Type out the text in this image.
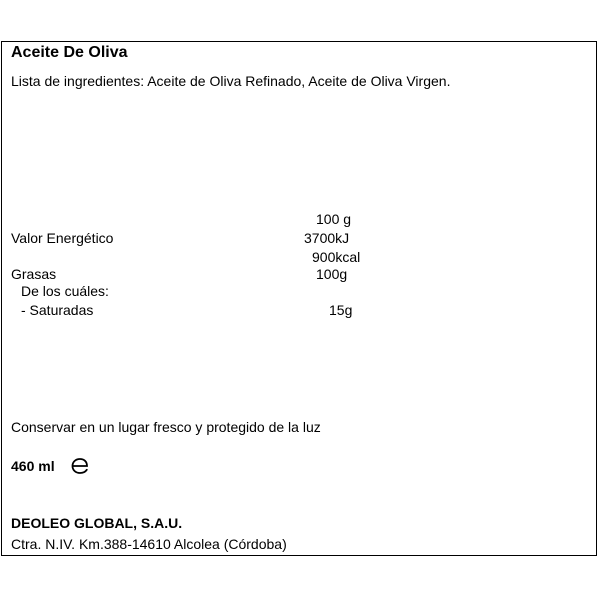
Aceite De Oliva
Lista de ingredientes: Aceite de Oliva Refinado, Aceite de Oliva Virgen.
100 g
Valor Energético	3700kJ
900kcal
Grasas	100g
De los cuáles:
- Saturadas	15g
Conservar en un lugar fresco y protegido de la luz
460 ml
DEOLEO GLOBAL, S.A.U.
Ctra. N.IV. Km.388-14610 Alcolea (Córdoba)
